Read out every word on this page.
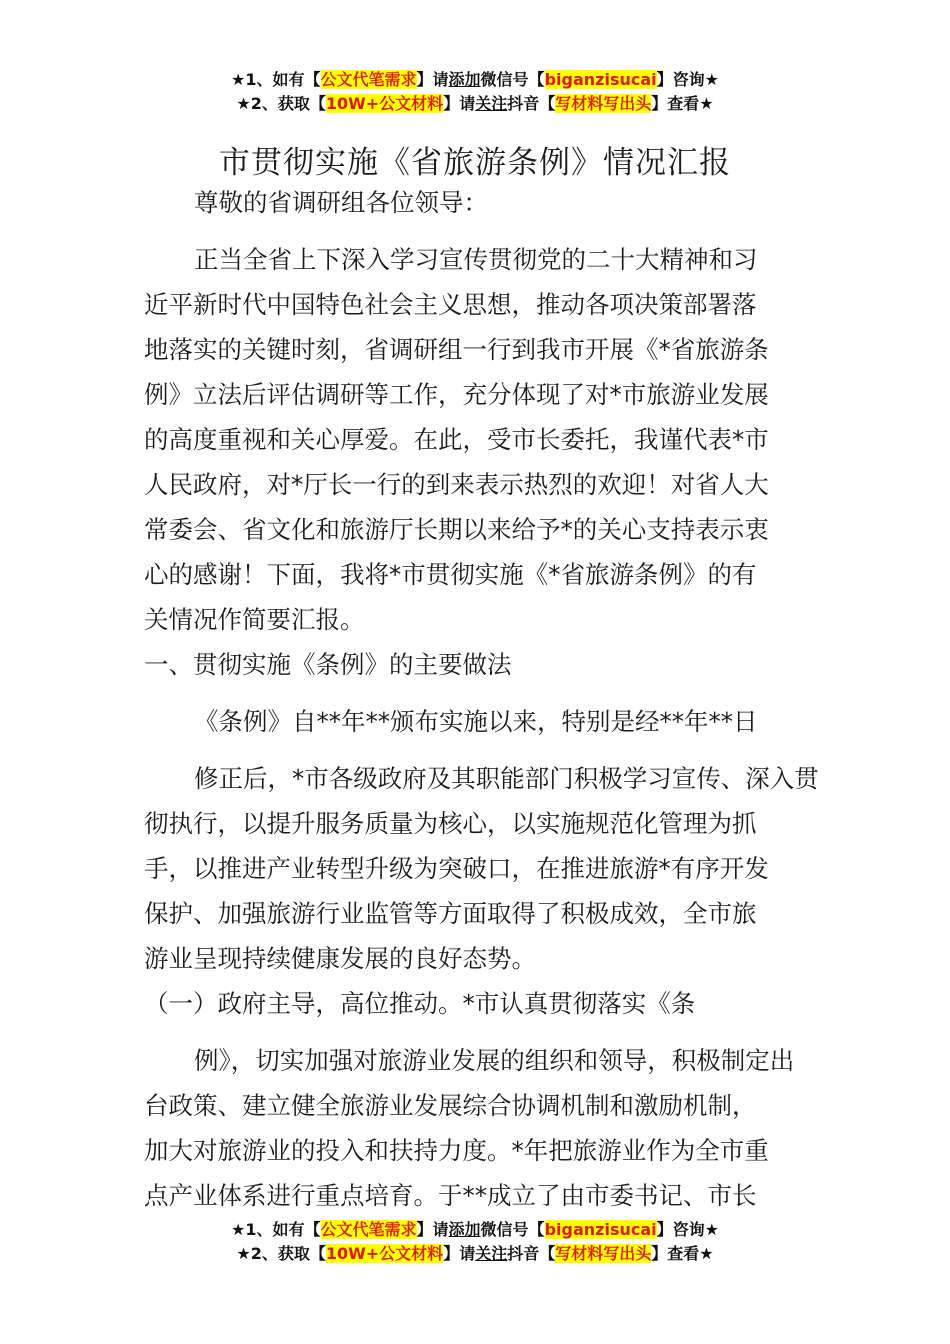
★1、如有【公文代笔需求】请添加微信号【biganzisucai】咨询★
★2、获取【10W+公文材料】请关注抖音【写材料写出头】查看★
市贯彻实施《省旅游条例》情况汇报
尊敬的省调研组各位领导：
正当全省上下深入学习宣传贯彻党的二十大精神和习
近平新时代中国特色社会主义思想，推动各项决策部署落
地落实的关键时刻，省调研组一行到我市开展《*省旅游条
例》立法后评估调研等工作，充分体现了对*市旅游业发展
的高度重视和关心厚爱。在此，受市长委托，我谨代表*市
人民政府，对*厅长一行的到来表示热烈的欢迎！对省人大
常委会、省文化和旅游厅长期以来给予*的关心支持表示衷
心的感谢！下面，我将*市贯彻实施《*省旅游条例》的有
关情况作简要汇报。
一、贯彻实施《条例》的主要做法
《条例》自**年**颁布实施以来，特别是经**年**日
修正后，*市各级政府及其职能部门积极学习宣传、深入贯
彻执行，以提升服务质量为核心，以实施规范化管理为抓
手，以推进产业转型升级为突破口，在推进旅游*有序开发
保护、加强旅游行业监管等方面取得了积极成效，全市旅
游业呈现持续健康发展的良好态势。
（一）政府主导，高位推动。*市认真贯彻落实《条
例》，切实加强对旅游业发展的组织和领导，积极制定出
台政策、建立健全旅游业发展综合协调机制和激励机制，
加大对旅游业的投入和扶持力度。*年把旅游业作为全市重
点产业体系进行重点培育。于**成立了由市委书记、市长
★1、如有【公文代笔需求】请添加微信号【biganzisucai】咨询★
★2、获取【10W+公文材料】请关注抖音【写材料写出头】查看★
